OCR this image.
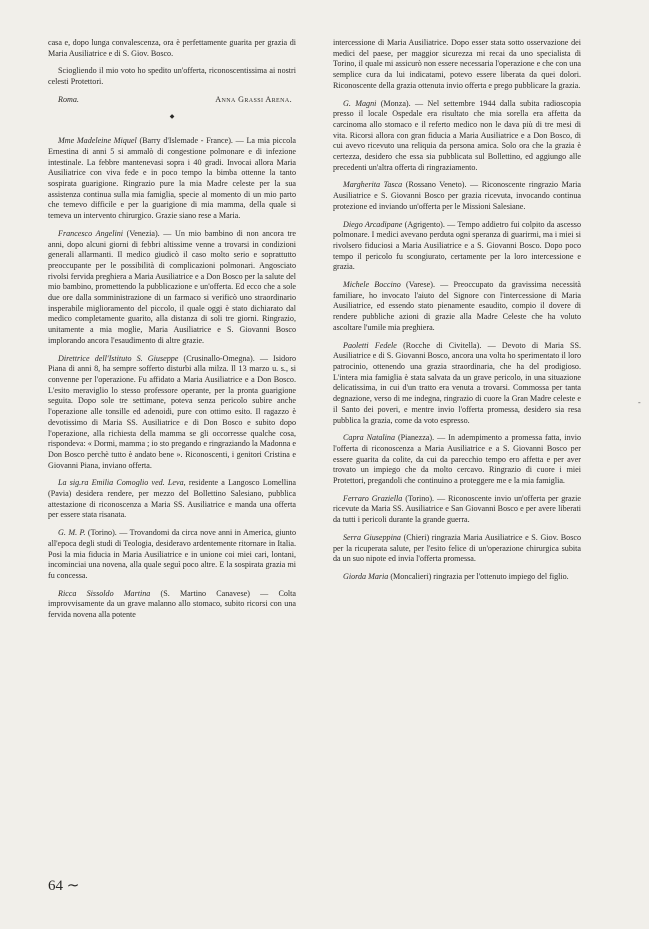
casa e, dopo lunga convalescenza, ora è perfettamente guarita per grazia di Maria Ausiliatrice e di S. Giov. Bosco.

Sciogliendo il mio voto ho spedito un'offerta, riconoscentissima ai nostri celesti Protettori.

Roma.	Anna Grassi Arena.
◆

Mme Madeleine Miquel (Barry d'Islemade - France). — La mia piccola Ernestina di anni 5 si ammalò di congestione polmonare e di infezione intestinale. La febbre mantenevasi sopra i 40 gradi. Invocai allora Maria Ausiliatrice con viva fede e in poco tempo la bimba ottenne la tanto sospirata guarigione. Ringrazio pure la mia Madre celeste per la sua assistenza continua sulla mia famiglia, specie al momento di un mio parto che temevo difficile e per la guarigione di mia mamma, della quale si temeva un intervento chirurgico. Grazie siano rese a Maria.

Francesco Angelini (Venezia). — Un mio bambino di non ancora tre anni, dopo alcuni giorni di febbri altissime venne a trovarsi in condizioni generali allarmanti. Il medico giudicò il caso molto serio e soprattutto preoccupante per le possibilità di complicazioni polmonari. Angosciato rivolsi fervida preghiera a Maria Ausiliatrice e a Don Bosco per la salute del mio bambino, promettendo la pubblicazione e un'offerta. Ed ecco che a sole due ore dalla somministrazione di un farmaco si verificò uno straordinario insperabile miglioramento del piccolo, il quale oggi è stato dichiarato dal medico completamente guarito, alla distanza di soli tre giorni. Ringrazio, unitamente a mia moglie, Maria Ausiliatrice e S. Giovanni Bosco implorando ancora l'esaudimento di altre grazie.

Direttrice dell'Istituto S. Giuseppe (Crusinallo-Omegna). — Isidoro Piana di anni 8, ha sempre sofferto disturbi alla milza. Il 13 marzo u. s., si convenne per l'operazione. Fu affidato a Maria Ausiliatrice e a Don Bosco. L'esito meraviglio lo stesso professore operante, per la pronta guarigione seguita. Dopo sole tre settimane, poteva senza pericolo subire anche l'operazione alle tonsille ed adenoidi, pure con ottimo esito. Il ragazzo è devotissimo di Maria SS. Ausiliatrice e di Don Bosco e subito dopo l'operazione, alla richiesta della mamma se gli occorresse qualche cosa, rispondeva: « Dormi, mamma ; io sto pregando e ringraziando la Madonna e Don Bosco perchè tutto è andato bene ». Riconoscenti, i genitori Cristina e Giovanni Piana, inviano offerta.

La sig.ra Emilia Comoglio ved. Leva, residente a Langosco Lomellina (Pavia) desidera rendere, per mezzo del Bollettino Salesiano, pubblica attestazione di riconoscenza a Maria SS. Ausiliatrice e manda una offerta per essere stata risanata.

G. M. P. (Torino). — Trovandomi da circa nove anni in America, giunto all'epoca degli studi di Teologia, desideravo ardentemente ritornare in Italia. Posi la mia fiducia in Maria Ausiliatrice e in unione coi miei cari, lontani, incominciai una novena, alla quale seguì poco altre. E la sospirata grazia mi fu concessa.

Ricca Sissoldo Martina (S. Martino Canavese) — Colta improvvisamente da un grave malanno allo stomaco, subito ricorsi con una fervida novena alla potente

intercessione di Maria Ausiliatrice. Dopo esser stata sotto osservazione dei medici del paese, per maggior sicurezza mi recai da uno specialista di Torino, il quale mi assicurò non essere necessaria l'operazione e che con una semplice cura da lui indicatami, potevo essere liberata da quei dolori. Riconoscente della grazia ottenuta invio offerta e prego pubblicare la grazia.

G. Magni (Monza). — Nel settembre 1944 dalla subita radioscopia presso il locale Ospedale era risultato che mia sorella era affetta da carcinoma allo stomaco e il referto medico non le dava più di tre mesi di vita. Ricorsi allora con gran fiducia a Maria Ausiliatrice e a Don Bosco, di cui avevo ricevuto una reliquia da persona amica. Solo ora che la grazia è certezza, desidero che essa sia pubblicata sul Bollettino, ed aggiungo alle precedenti un'altra offerta di ringraziamento.

Margherita Tasca (Rossano Veneto). — Riconoscente ringrazio Maria Ausiliatrice e S. Giovanni Bosco per grazia ricevuta, invocando continua protezione ed inviando un'offerta per le Missioni Salesiane.

Diego Arcadipane (Agrigento). — Tempo addietro fui colpito da ascesso polmonare. I medici avevano perduta ogni speranza di guarirmi, ma i miei si rivolsero fiduciosi a Maria Ausiliatrice e a S. Giovanni Bosco. Dopo poco tempo il pericolo fu scongiurato, certamente per la loro intercessione e grazia.

Michele Boccino (Varese). — Preoccupato da gravissima necessità familiare, ho invocato l'aiuto del Signore con l'intercessione di Maria Ausiliatrice, ed essendo stato pienamente esaudito, compio il dovere di rendere pubbliche azioni di grazie alla Madre Celeste che ha voluto ascoltare l'umile mia preghiera.

Paoletti Fedele (Rocche di Civitella). — Devoto di Maria SS. Ausiliatrice e di S. Giovanni Bosco, ancora una volta ho sperimentato il loro patrocinio, ottenendo una grazia straordinaria, che ha del prodigioso. L'intera mia famiglia è stata salvata da un grave pericolo, in una situazione delicatissima, in cui d'un tratto era venuta a trovarsi. Commossa per tanta degnazione, verso di me indegna, ringrazio di cuore la Gran Madre celeste e il Santo dei poveri, e mentre invio l'offerta promessa, desidero sia resa pubblica la grazia, come da voto espresso.

Capra Natalina (Pianezza). — In adempimento a promessa fatta, invio l'offerta di riconoscenza a Maria Ausiliatrice e a S. Giovanni Bosco per essere guarita da colite, da cui da parecchio tempo ero affetta e per aver trovato un impiego che da molto cercavo. Ringrazio di cuore i miei Protettori, pregandoli che continuino a proteggere me e la mia famiglia.

Ferraro Graziella (Torino). — Riconoscente invio un'offerta per grazie ricevute da Maria SS. Ausiliatrice e San Giovanni Bosco e per avere liberati da tutti i pericoli durante la grande guerra.

Serra Giuseppina (Chieri) ringrazia Maria Ausiliatrice e S. Giov. Bosco per la ricuperata salute, per l'esito felice di un'operazione chirurgica subita da un suo nipote ed invia l'offerta promessa.

Giorda Maria (Moncalieri) ringrazia per l'ottenuto impiego del figlio.

64 ∼
-
